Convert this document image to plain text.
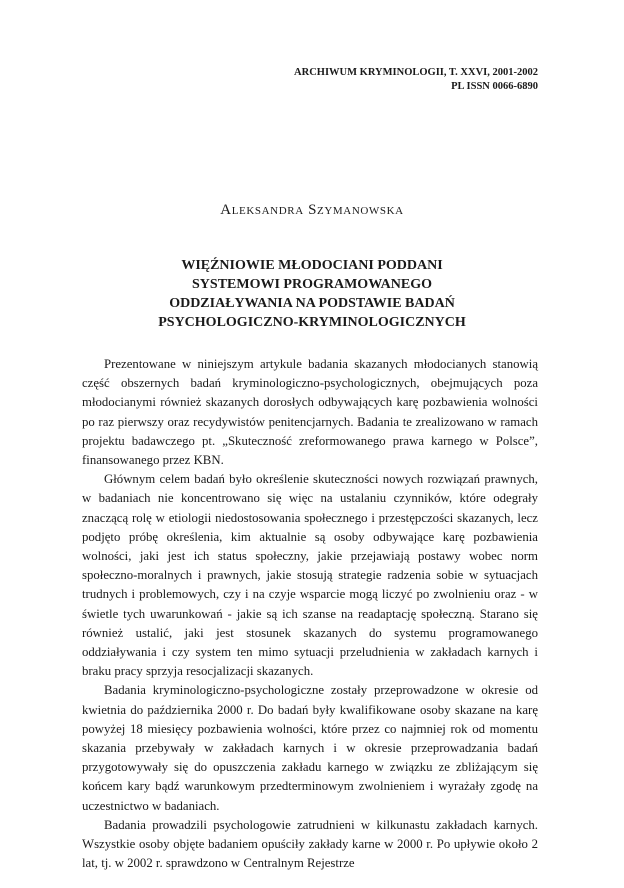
ARCHIWUM KRYMINOLOGII, T. XXVI, 2001-2002
PL ISSN 0066-6890
Aleksandra Szymanowska
WIĘŹNIOWIE MŁODOCIANI PODDANI
SYSTEMOWI PROGRAMOWANEGO
ODDZIAŁYWANIA NA PODSTAWIE BADAŃ
PSYCHOLOGICZNO-KRYMINOLOGICZNYCH

Prezentowane w niniejszym artykule badania skazanych młodocianych stanowią część obszernych badań kryminologiczno-psychologicznych, obejmujących poza młodocianymi również skazanych dorosłych odbywających karę pozbawienia wolności po raz pierwszy oraz recydywistów penitencjarnych. Badania te zrealizowano w ramach projektu badawczego pt. „Skuteczność zreformowanego prawa karnego w Polsce”, finansowanego przez KBN.

Głównym celem badań było określenie skuteczności nowych rozwiązań prawnych, w badaniach nie koncentrowano się więc na ustalaniu czynników, które odegrały znaczącą rolę w etiologii niedostosowania społecznego i przestępczości skazanych, lecz podjęto próbę określenia, kim aktualnie są osoby odbywające karę pozbawienia wolności, jaki jest ich status społeczny, jakie przejawiają postawy wobec norm społeczno-moralnych i prawnych, jakie stosują strategie radzenia sobie w sytuacjach trudnych i problemowych, czy i na czyje wsparcie mogą liczyć po zwolnieniu oraz - w świetle tych uwarunkowań - jakie są ich szanse na readaptację społeczną. Starano się również ustalić, jaki jest stosunek skazanych do systemu programowanego oddziaływania i czy system ten mimo sytuacji przeludnienia w zakładach karnych i braku pracy sprzyja resocjalizacji skazanych.

Badania kryminologiczno-psychologiczne zostały przeprowadzone w okresie od kwietnia do października 2000 r. Do badań były kwalifikowane osoby skazane na karę powyżej 18 miesięcy pozbawienia wolności, które przez co najmniej rok od momentu skazania przebywały w zakładach karnych i w okresie przeprowadzania badań przygotowywały się do opuszczenia zakładu karnego w związku ze zbliżającym się końcem kary bądź warunkowym przedterminowym zwolnieniem i wyrażały zgodę na uczestnictwo w badaniach.

Badania prowadzili psychologowie zatrudnieni w kilkunastu zakładach karnych. Wszystkie osoby objęte badaniem opuściły zakłady karne w 2000 r. Po upływie około 2 lat, tj. w 2002 r. sprawdzono w Centralnym Rejestrze
